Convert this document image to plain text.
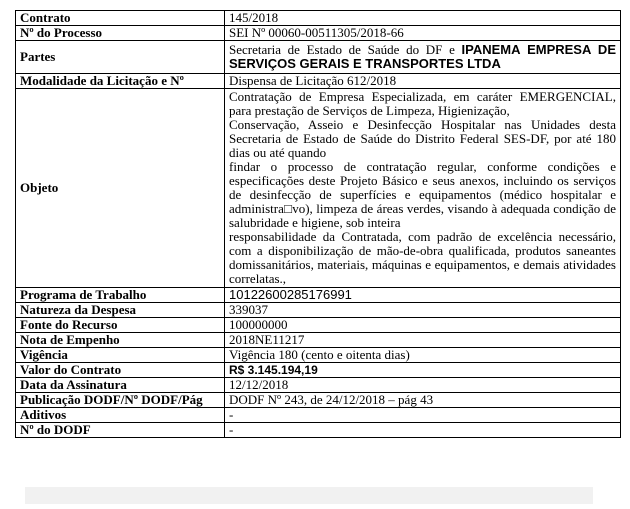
Contrato	145/2018
Nº do Processo	SEI Nº 00060-00511305/2018-66
Partes	Secretaria de Estado de Saúde do DF e IPANEMA EMPRESA DE SERVIÇOS GERAIS E TRANSPORTES LTDA
Modalidade da Licitação e Nº	Dispensa de Licitação 612/2018
Objeto	Contratação de Empresa Especializada, em caráter EMERGENCIAL, para prestação de Serviços de Limpeza, Higienização,
Conservação, Asseio e Desinfecção Hospitalar nas Unidades desta Secretaria de Estado de Saúde do Distrito Federal SES-DF, por até 180 dias ou até quando
findar o processo de contratação regular, conforme condições e especificações deste Projeto Básico e seus anexos, incluindo os serviços de desinfecção de superfícies e equipamentos (médico hospitalar e administra□vo), limpeza de áreas verdes, visando à adequada condição de salubridade e higiene, sob inteira
responsabilidade da Contratada, com padrão de excelência necessário, com a disponibilização de mão-de-obra qualificada, produtos saneantes domissanitários, materiais, máquinas e equipamentos, e demais atividades correlatas.,

Programa de Trabalho	10122600285176991
Natureza da Despesa	339037
Fonte do Recurso	100000000
Nota de Empenho	2018NE11217
Vigência	Vigência 180 (cento e oitenta dias)
Valor do Contrato	R$ 3.145.194,19
Data da Assinatura	12/12/2018
Publicação DODF/Nº DODF/Pág	DODF Nº 243, de 24/12/2018 – pág 43
Aditivos	-
Nº do DODF	-
